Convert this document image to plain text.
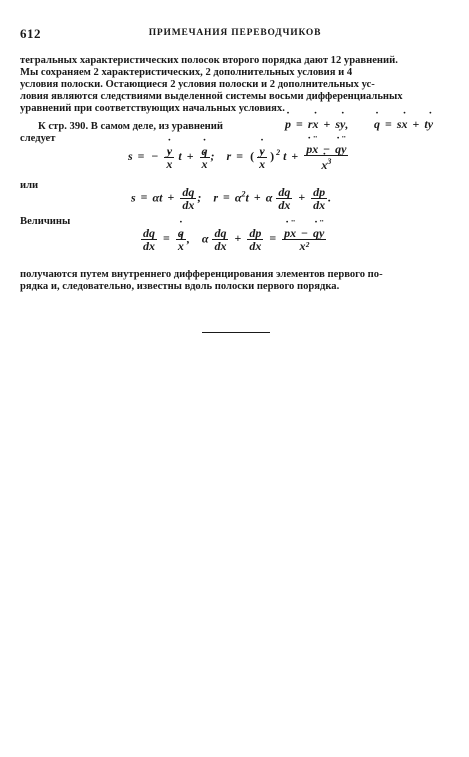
612	ПРИМЕЧАНИЯ ПЕРЕВОДЧИКОВ
тегральных характеристических полосок второго порядка дают 12 уравнений.
Мы сохраняем 2 характеристических, 2 дополнительных условия и 4
условия полоски. Остающиеся 2 условия полоски и 2 дополнительных ус-
ловия являются следствиями выделенной системы восьми дифференциальных
уравнений при соответствующих начальных условиях.
К стр. 390. В самом деле, из уравнений	˙ p = r˙ x + s˙ y, ˙ q = s˙ x + t˙ y
следует
s = − ˙ y
˙ x t + ˙ q
˙ x ;    r = ( ˙ y
˙ x ) $^2$ t + ˙ p¨ x − ˙ q¨ y
˙ $x^3$
или
$s = \alpha t + \frac{dq}{dx}$ ;    $r = \alpha^2t + \alpha \frac{dq}{dx} + \frac{dp}{dx}$ .
Величины
$\frac{dq}{dx}$ = ˙ q
˙ x ,    α $\frac{dq}{dx} + \frac{dp}{dx}$ = ˙ $\frac{p¨ x - ˙ q¨ y}{\text{x²}}$
получаются путем внутреннего дифференцирования элементов первого по-
рядка и, следовательно, известны вдоль полоски первого порядка.
